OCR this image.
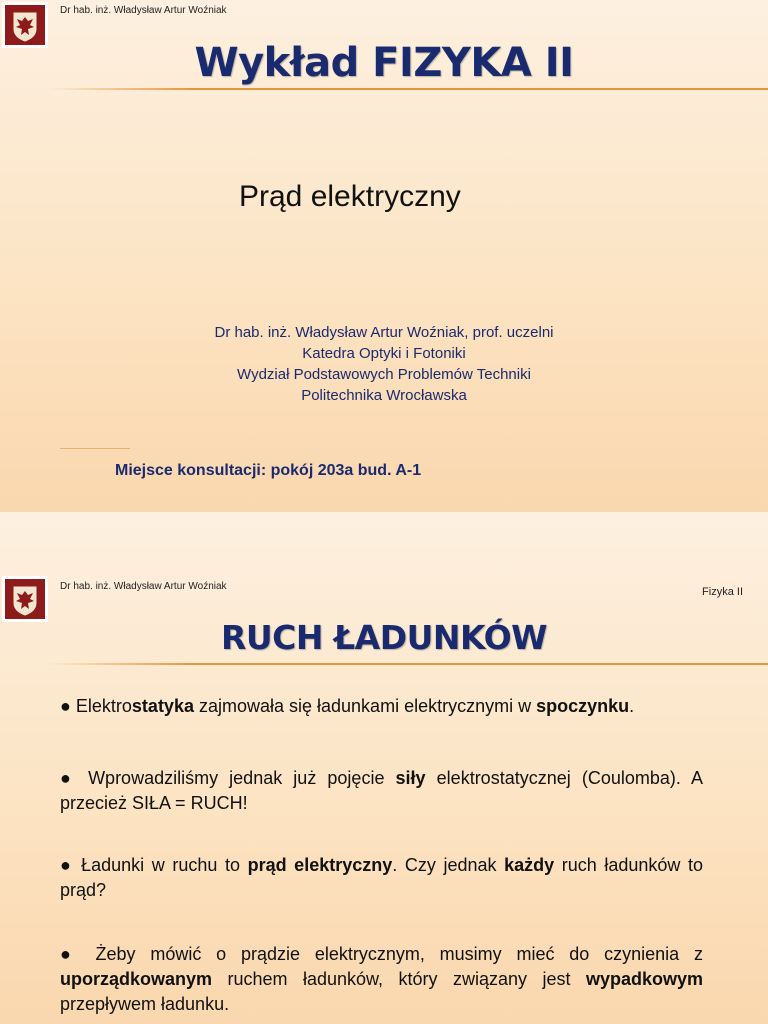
Dr hab. inż. Władysław Artur Woźniak
Wykład FIZYKA II
Prąd elektryczny
Dr hab. inż. Władysław Artur Woźniak, prof. uczelni
Katedra Optyki i Fotoniki
Wydział Podstawowych Problemów Techniki
Politechnika Wrocławska
Miejsce konsultacji: pokój 203a bud. A-1
Dr hab. inż. Władysław Artur Woźniak	Fizyka II
RUCH ŁADUNKÓW
● Elektrostatyka zajmowała się ładunkami elektrycznymi w spoczynku.
● Wprowadziliśmy jednak już pojęcie siły elektrostatycznej (Coulomba). A przecież SIŁA = RUCH!
● Ładunki w ruchu to prąd elektryczny. Czy jednak każdy ruch ładunków to prąd?
● Żeby mówić o prądzie elektrycznym, musimy mieć do czynienia z uporządkowanym ruchem ładunków, który związany jest wypadkowym przepływem ładunku.
